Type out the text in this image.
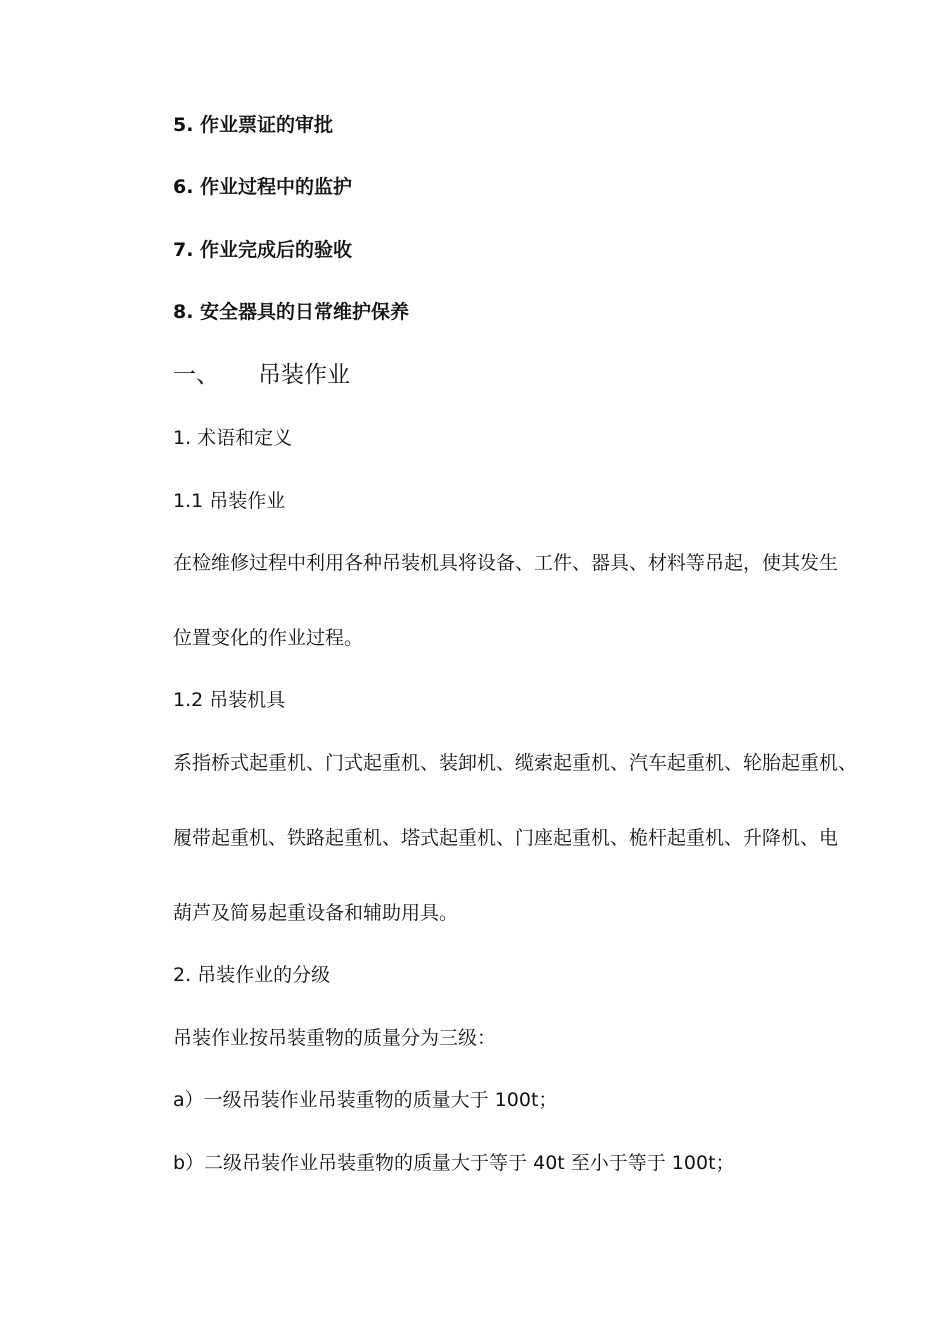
5. 作业票证的审批
6. 作业过程中的监护
7. 作业完成后的验收
8. 安全器具的日常维护保养
一、 吊装作业
1. 术语和定义
1.1 吊装作业
在检维修过程中利用各种吊装机具将设备、工件、器具、材料等吊起，使其发生
位置变化的作业过程。
1.2 吊装机具
系指桥式起重机、门式起重机、装卸机、缆索起重机、汽车起重机、轮胎起重机、
履带起重机、铁路起重机、塔式起重机、门座起重机、桅杆起重机、升降机、电
葫芦及简易起重设备和辅助用具。
2. 吊装作业的分级
吊装作业按吊装重物的质量分为三级：
a）一级吊装作业吊装重物的质量大于 100t；
b）二级吊装作业吊装重物的质量大于等于 40t 至小于等于 100t；
